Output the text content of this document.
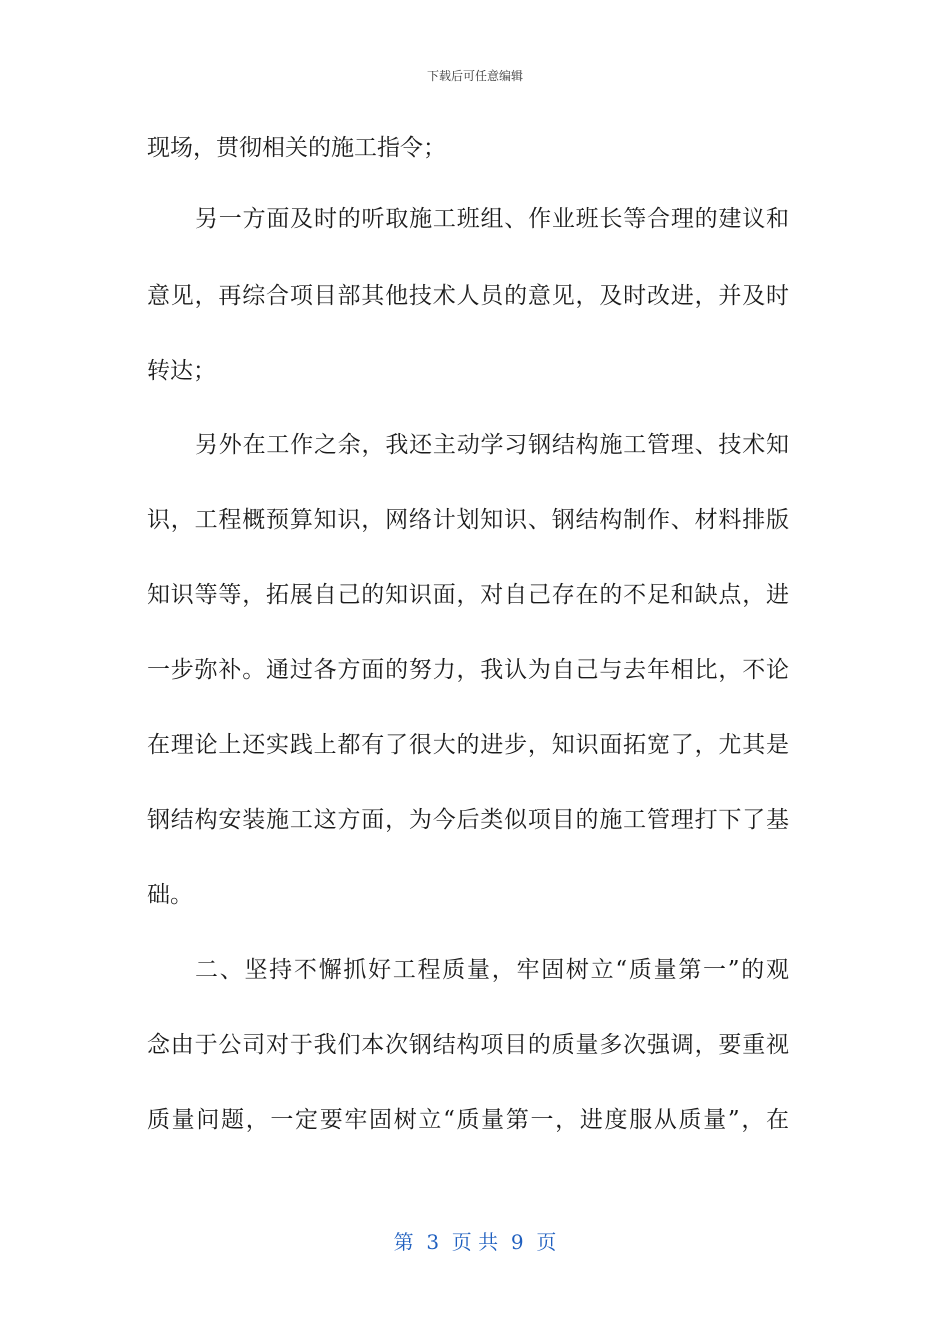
下载后可任意编辑
现场，贯彻相关的施工指令；
另一方面及时的听取施工班组、作业班长等合理的建议和
意见，再综合项目部其他技术人员的意见，及时改进，并及时
转达；
另外在工作之余，我还主动学习钢结构施工管理、技术知
识，工程概预算知识，网络计划知识、钢结构制作、材料排版
知识等等，拓展自己的知识面，对自己存在的不足和缺点，进
一步弥补。通过各方面的努力，我认为自己与去年相比，不论
在理论上还实践上都有了很大的进步，知识面拓宽了，尤其是
钢结构安装施工这方面，为今后类似项目的施工管理打下了基
础。
二、坚持不懈抓好工程质量，牢固树立“质量第一”的观
念由于公司对于我们本次钢结构项目的质量多次强调，要重视
质量问题，一定要牢固树立“质量第一，进度服从质量”，在
第  3  页 共  9  页
